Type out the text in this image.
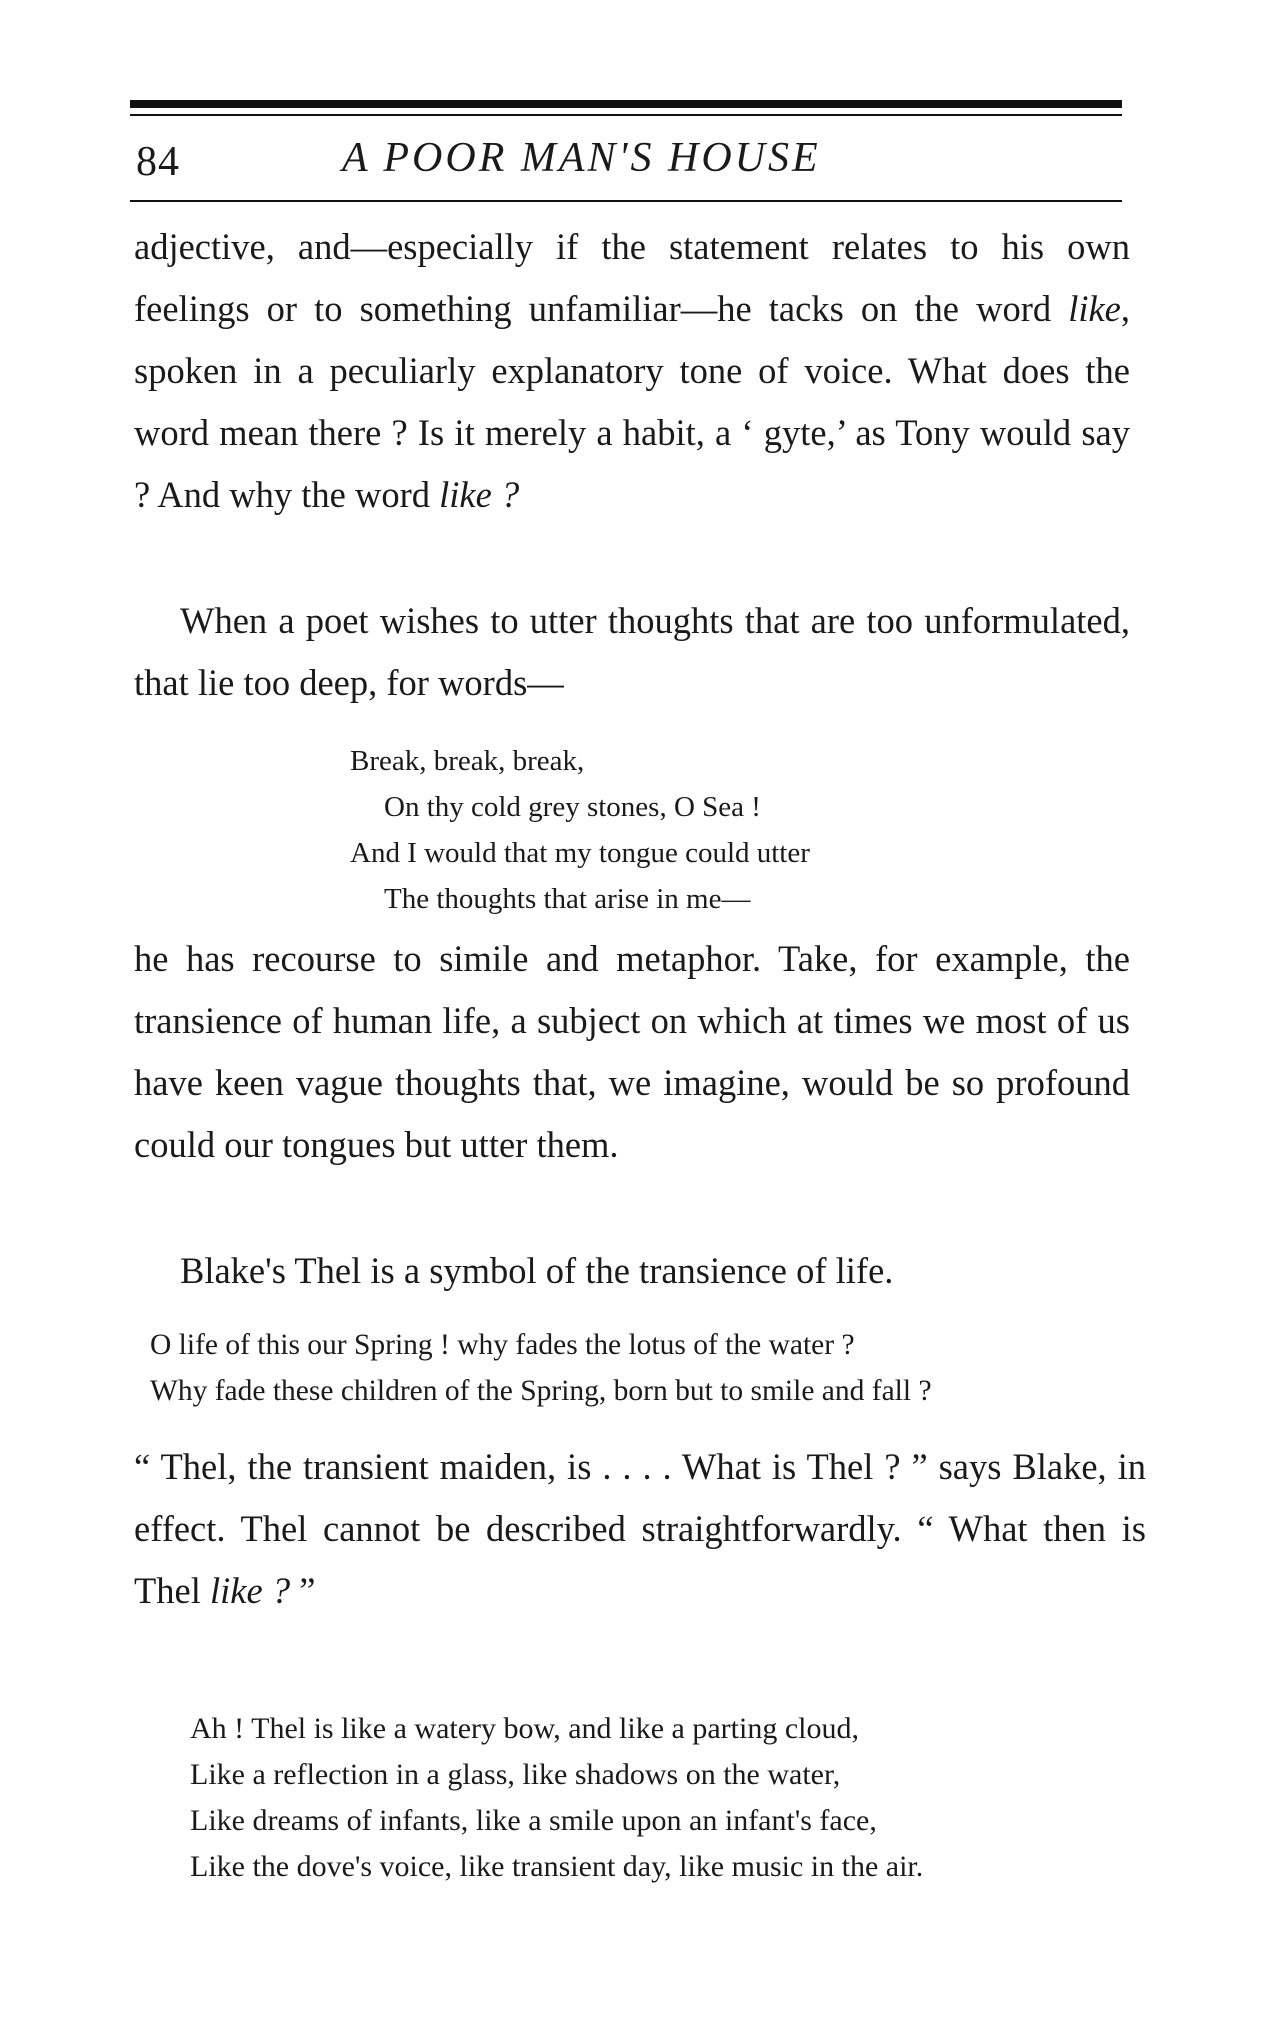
84	A POOR MAN'S HOUSE

adjective, and—especially if the statement relates to his own feelings or to something unfamiliar—he tacks on the word like, spoken in a peculiarly explanatory tone of voice. What does the word mean there ? Is it merely a habit, a ‘ gyte,’ as Tony would say ? And why the word like ?

When a poet wishes to utter thoughts that are too unformulated, that lie too deep, for words—

Break, break, break,
On thy cold grey stones, O Sea !
And I would that my tongue could utter
The thoughts that arise in me—

he has recourse to simile and metaphor. Take, for example, the transience of human life, a subject on which at times we most of us have keen vague thoughts that, we imagine, would be so profound could our tongues but utter them.

Blake's Thel is a symbol of the transience of life.

O life of this our Spring ! why fades the lotus of the water ?
Why fade these children of the Spring, born but to smile and fall ?

“ Thel, the transient maiden, is . . . . What is Thel ? ” says Blake, in effect. Thel cannot be described straightforwardly. “ What then is Thel like ? ”

Ah ! Thel is like a watery bow, and like a parting cloud,
Like a reflection in a glass, like shadows on the water,
Like dreams of infants, like a smile upon an infant's face,
Like the dove's voice, like transient day, like music in the air.
